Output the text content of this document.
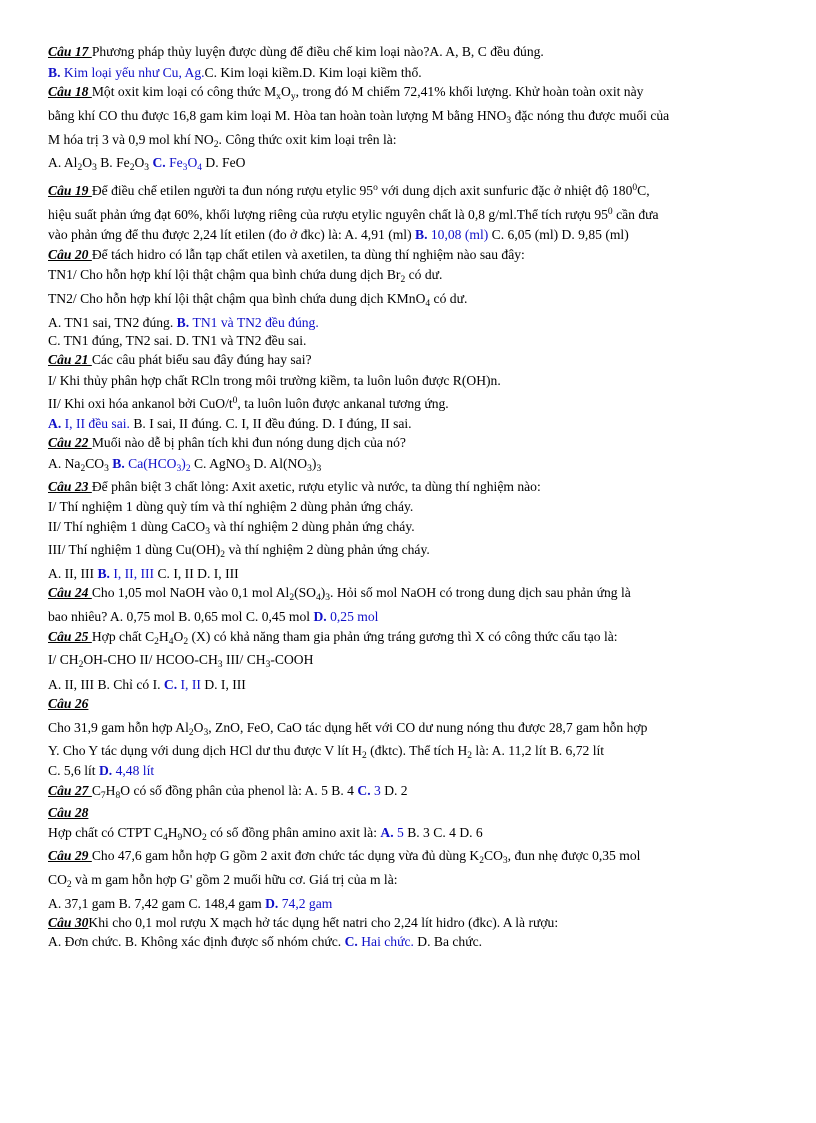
Câu 17 Phương pháp thủy luyện được dùng để điều chế kim loại nào?A. A, B, C đều đúng.
B. Kim loại yếu như Cu, Ag.C. Kim loại kiềm.D. Kim loại kiềm thổ.
Câu 18 Một oxit kim loại có công thức $M_xO_y$, trong đó M chiếm 72,41% khối lượng. Khử hoàn toàn oxit này
bằng khí CO thu được 16,8 gam kim loại M. Hòa tan hoàn toàn lượng M bằng $HNO_3$ đặc nóng thu được muối của
M hóa trị 3 và 0,9 mol khí $NO_2$. Công thức oxit kim loại trên là:
A. $Al_2O_3$ B. $Fe_2O_3$ C. $Fe_3O_4$ D. FeO
Câu 19 Để điều chế etilen người ta đun nóng rượu etylic 95$^o$ với dung dịch axit sunfuric đặc ở nhiệt độ $180^0C$,
hiệu suất phản ứng đạt 60%, khối lượng riêng của rượu etylic nguyên chất là 0,8 g/ml.Thể tích rượu $95^0$ cần đưa
vào phản ứng để thu được 2,24 lít etilen (đo ở đkc) là: A. 4,91 (ml) B. 10,08 (ml) C. 6,05 (ml) D. 9,85 (ml)
Câu 20 Để tách hidro có lẫn tạp chất etilen và axetilen, ta dùng thí nghiệm nào sau đây:
TN1/ Cho hỗn hợp khí lội thật chậm qua bình chứa dung dịch $Br_2$ có dư.
TN2/ Cho hỗn hợp khí lội thật chậm qua bình chứa dung dịch KMnO$_4$ có dư.
A. TN1 sai, TN2 đúng. B. TN1 và TN2 đều đúng.
C. TN1 đúng, TN2 sai. D. TN1 và TN2 đều sai.
Câu 21 Các câu phát biểu sau đây đúng hay sai?
I/ Khi thủy phân hợp chất RCln trong môi trường kiềm, ta luôn luôn được R(OH)n.
II/ Khi oxi hóa ankanol bởi CuO/$t^0$, ta luôn luôn được ankanal tương ứng.
A. I, II đều sai. B. I sai, II đúng. C. I, II đều đúng. D. I đúng, II sai.
Câu 22 Muối nào dễ bị phân tích khi đun nóng dung dịch của nó?
A. $Na_2CO_3$ B. $Ca(HCO_3)_2$ C. AgNO$_3$ D. $Al(NO_3)_3$
Câu 23 Để phân biệt 3 chất lỏng: Axit axetic, rượu etylic và nước, ta dùng thí nghiệm nào:
I/ Thí nghiệm 1 dùng quỳ tím và thí nghiệm 2 dùng phản ứng cháy.
II/ Thí nghiệm 1 dùng CaCO$_3$ và thí nghiệm 2 dùng phản ứng cháy.
III/ Thí nghiệm 1 dùng $Cu(OH)_2$ và thí nghiệm 2 dùng phản ứng cháy.
A. II, III B. I, II, III C. I, II D. I, III
Câu 24 Cho 1,05 mol NaOH vào 0,1 mol $Al_2(SO_4)_3$. Hỏi số mol NaOH có trong dung dịch sau phản ứng là
bao nhiêu? A. 0,75 mol B. 0,65 mol C. 0,45 mol D. 0,25 mol
Câu 25 Hợp chất $C_2H_4O_2$ (X) có khả năng tham gia phản ứng tráng gương thì X có công thức cấu tạo là:
I/ $CH_2OH$-CHO II/ HCOO-$CH_3$ III/ $CH_3$-COOH
A. II, III B. Chỉ có I. C. I, II D. I, III
Câu 26
Cho 31,9 gam hỗn hợp $Al_2O_3$, ZnO, FeO, CaO tác dụng hết với CO dư nung nóng thu được 28,7 gam hỗn hợp
Y. Cho Y tác dụng với dung dịch HCl dư thu được V lít $H_2$ (đktc). Thể tích $H_2$ là: A. 11,2 lít B. 6,72 lít
C. 5,6 lít D. 4,48 lít
Câu 27 $C_7H_8O$ có số đồng phân của phenol là: A. 5 B. 4 C. 3 D. 2
Câu 28
Hợp chất có CTPT $C_4H_9NO_2$ có số đồng phân amino axit là: A. 5 B. 3 C. 4 D. 6
Câu 29 Cho 47,6 gam hỗn hợp G gồm 2 axit đơn chức tác dụng vừa đủ dùng $K_2CO_3$, đun nhẹ được 0,35 mol
$CO_2$ và m gam hỗn hợp G' gồm 2 muối hữu cơ. Giá trị của m là:
A. 37,1 gam B. 7,42 gam C. 148,4 gam D. 74,2 gam
Câu 30Khi cho 0,1 mol rượu X mạch hở tác dụng hết natri cho 2,24 lít hidro (đkc). A là rượu:
A. Đơn chức. B. Không xác định được số nhóm chức. C. Hai chức. D. Ba chức.
